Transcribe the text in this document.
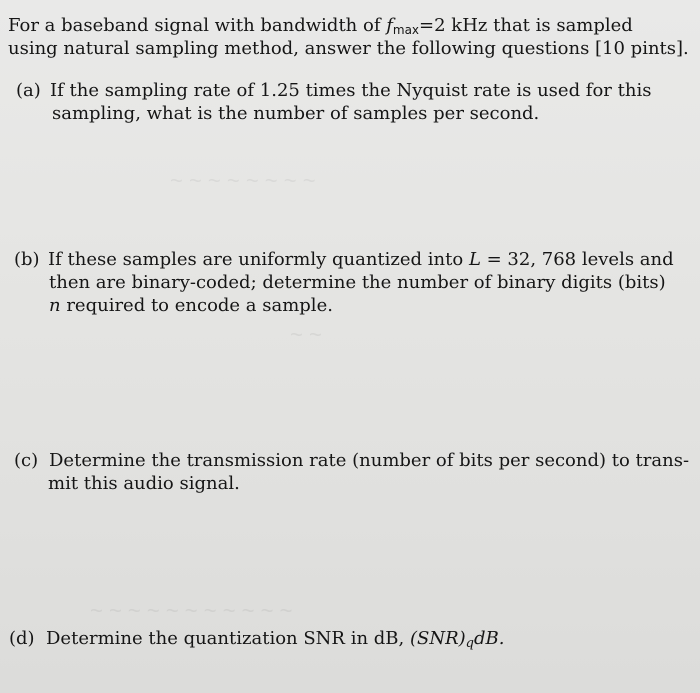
~ ~ ~ ~ ~ ~ ~ ~
~ ~
~ ~ ~ ~ ~ ~ ~ ~ ~ ~ ~
For a baseband signal with bandwidth of $f_{max}=2$ kHz that is sampled
using natural sampling method, answer the following questions [10 pints].
(a) If the sampling rate of 1.25 times the Nyquist rate is used for this
sampling, what is the number of samples per second.
(b) If these samples are uniformly quantized into L = 32, 768 levels and
then are binary-coded; determine the number of binary digits (bits)
n required to encode a sample.
(c) Determine the transmission rate (number of bits per second) to trans-
mit this audio signal.
(d) Determine the quantization SNR in dB, $(SNR)_qdB$.
